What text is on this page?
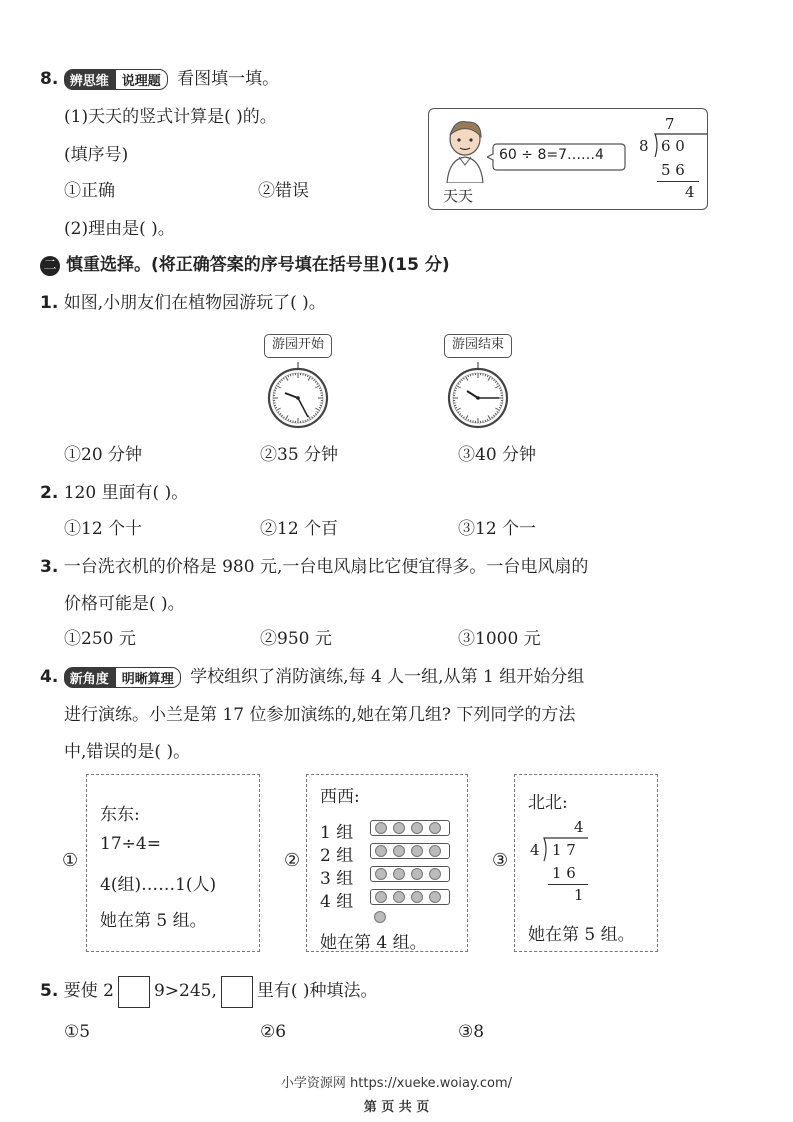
8. 辨思维 说理题 看图填一填。
(1)天天的竖式计算是( )的。
(填序号)
①正确	②错误
(2)理由是( )。
天天
60 ÷ 8=7……4
7
8 6 0
5 6
4
二 慎重选择。(将正确答案的序号填在括号里)(15 分)
1. 如图,小朋友们在植物园游玩了( )。
游园开始	游园结束
①20 分钟	②35 分钟	③40 分钟
2. 120 里面有( )。
①12 个十	②12 个百	③12 个一
3. 一台洗衣机的价格是 980 元,一台电风扇比它便宜得多。一台电风扇的
价格可能是( )。
①250 元	②950 元	③1000 元
4. 新角度 明晰算理 学校组织了消防演练,每 4 人一组,从第 1 组开始分组
进行演练。小兰是第 17 位参加演练的,她在第几组? 下列同学的方法
中,错误的是( )。
①
东东:
17÷4=
4(组)……1(人)
她在第 5 组。
②
西西:
1 组
2 组
3 组
4 组
她在第 4 组。
③
北北:
4
4 1 7
1 6
1
她在第 5 组。
5. 要使 2 9>245, 里有( )种填法。
①5	②6	③8
小学资源网 https://xueke.woiay.com/
第 页 共 页
